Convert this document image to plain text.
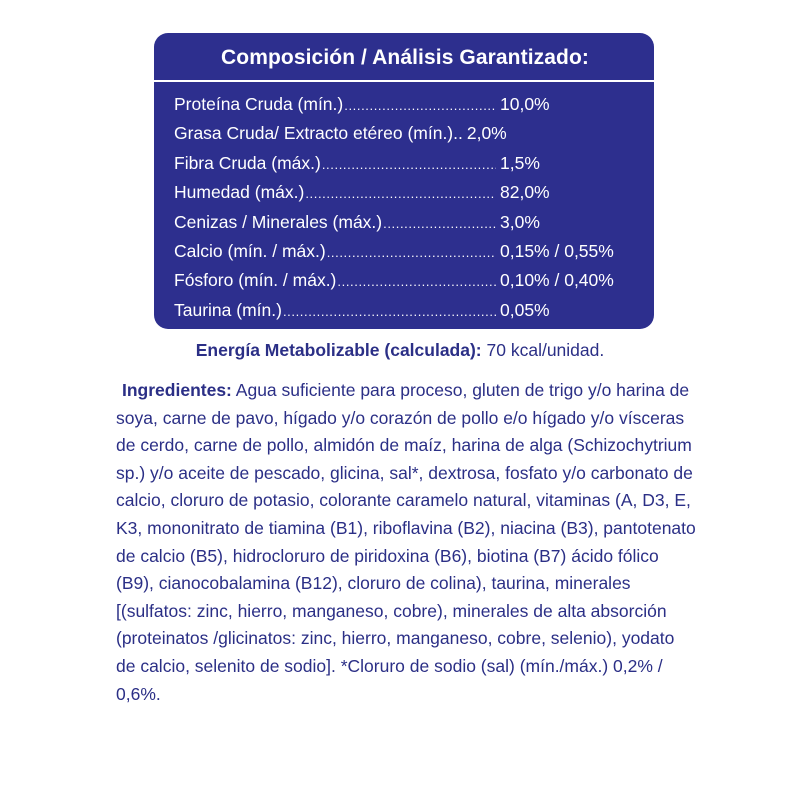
Composición / Análisis Garantizado:
Proteína Cruda (mín.) .....	10,0%
Grasa Cruda/ Extracto etéreo (mín.).. 2,0%
Fibra Cruda (máx.) .....	1,5%
Humedad (máx.) .....	82,0%
Cenizas / Minerales (máx.) .....	3,0%
Calcio (mín. / máx.) .....	0,15% / 0,55%
Fósforo (mín. / máx.) .....	0,10% / 0,40%
Taurina (mín.) .....	0,05%
Energía Metabolizable (calculada): 70 kcal/unidad.
Ingredientes: Agua suficiente para proceso, gluten de trigo y/o harina de soya, carne de pavo, hígado y/o corazón de pollo e/o hígado y/o vísceras de cerdo, carne de pollo, almidón de maíz, harina de alga (Schizochytrium sp.) y/o aceite de pescado, glicina, sal*, dextrosa, fosfato y/o carbonato de calcio, cloruro de potasio, colorante caramelo natural, vitaminas (A, D3, E, K3, mononitrato de tiamina (B1), riboflavina (B2), niacina (B3), pantotenato de calcio (B5), hidrocloruro de piridoxina (B6), biotina (B7) ácido fólico (B9), cianocobalamina (B12), cloruro de colina), taurina, minerales [(sulfatos: zinc, hierro, manganeso, cobre), minerales de alta absorción (proteinatos /glicinatos: zinc, hierro, manganeso, cobre, selenio), yodato de calcio, selenito de sodio]. *Cloruro de sodio (sal) (mín./máx.) 0,2% / 0,6%.
